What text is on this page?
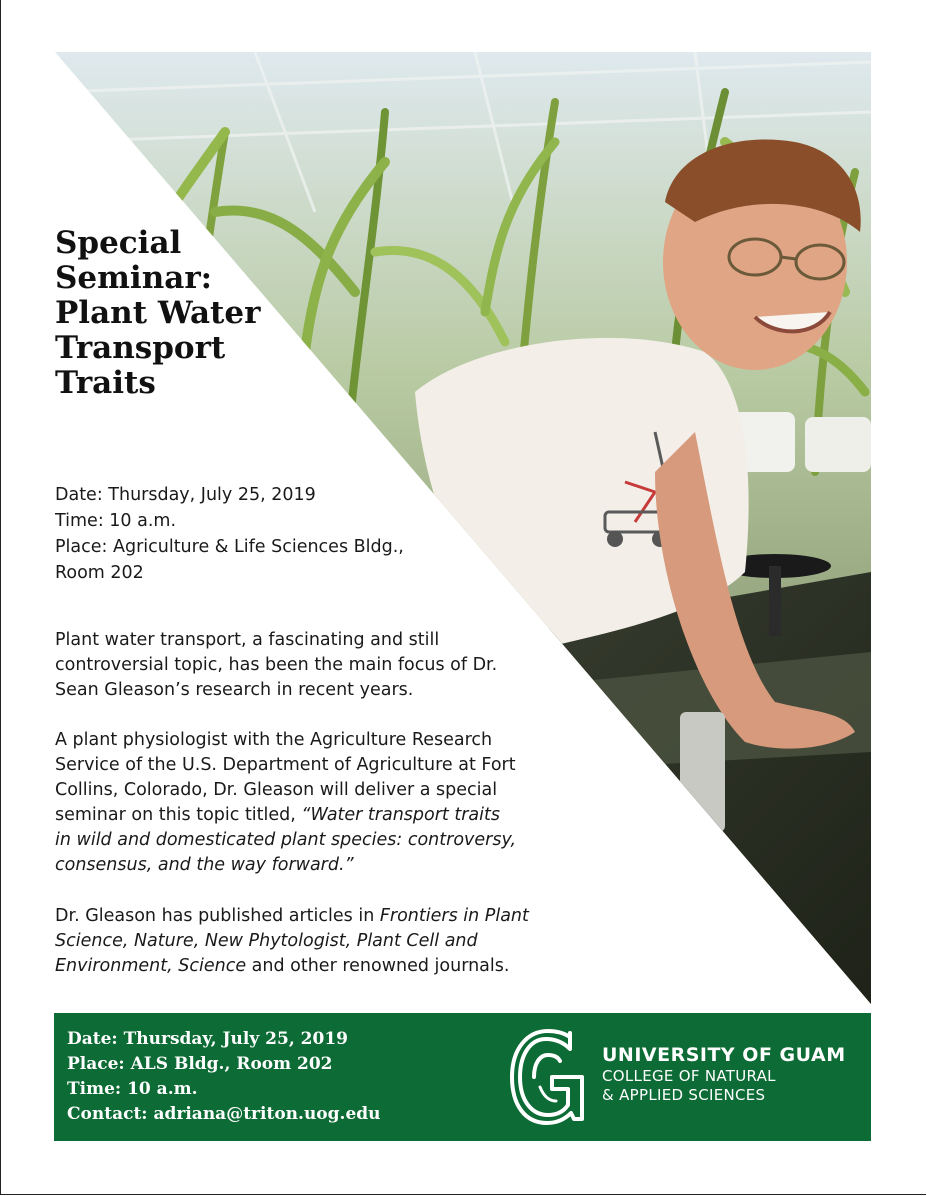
Special
Seminar:
Plant Water
Transport
Traits

Date: Thursday, July 25, 2019
Time: 10 a.m.
Place: Agriculture & Life Sciences Bldg.,
Room 202

Plant water transport, a fascinating and still
controversial topic, has been the main focus of Dr.
Sean Gleason’s research in recent years.

A plant physiologist with the Agriculture Research
Service of the U.S. Department of Agriculture at Fort
Collins, Colorado, Dr. Gleason will deliver a special
seminar on this topic titled, “Water transport traits
in wild and domesticated plant species: controversy,
consensus, and the way forward.”

Dr. Gleason has published articles in Frontiers in Plant
Science, Nature, New Phytologist, Plant Cell and
Environment, Science and other renowned journals.

Date: Thursday, July 25, 2019
Place: ALS Bldg., Room 202
Time: 10 a.m.
Contact: adriana@triton.uog.edu
UNIVERSITY OF GUAM
COLLEGE OF NATURAL
& APPLIED SCIENCES
